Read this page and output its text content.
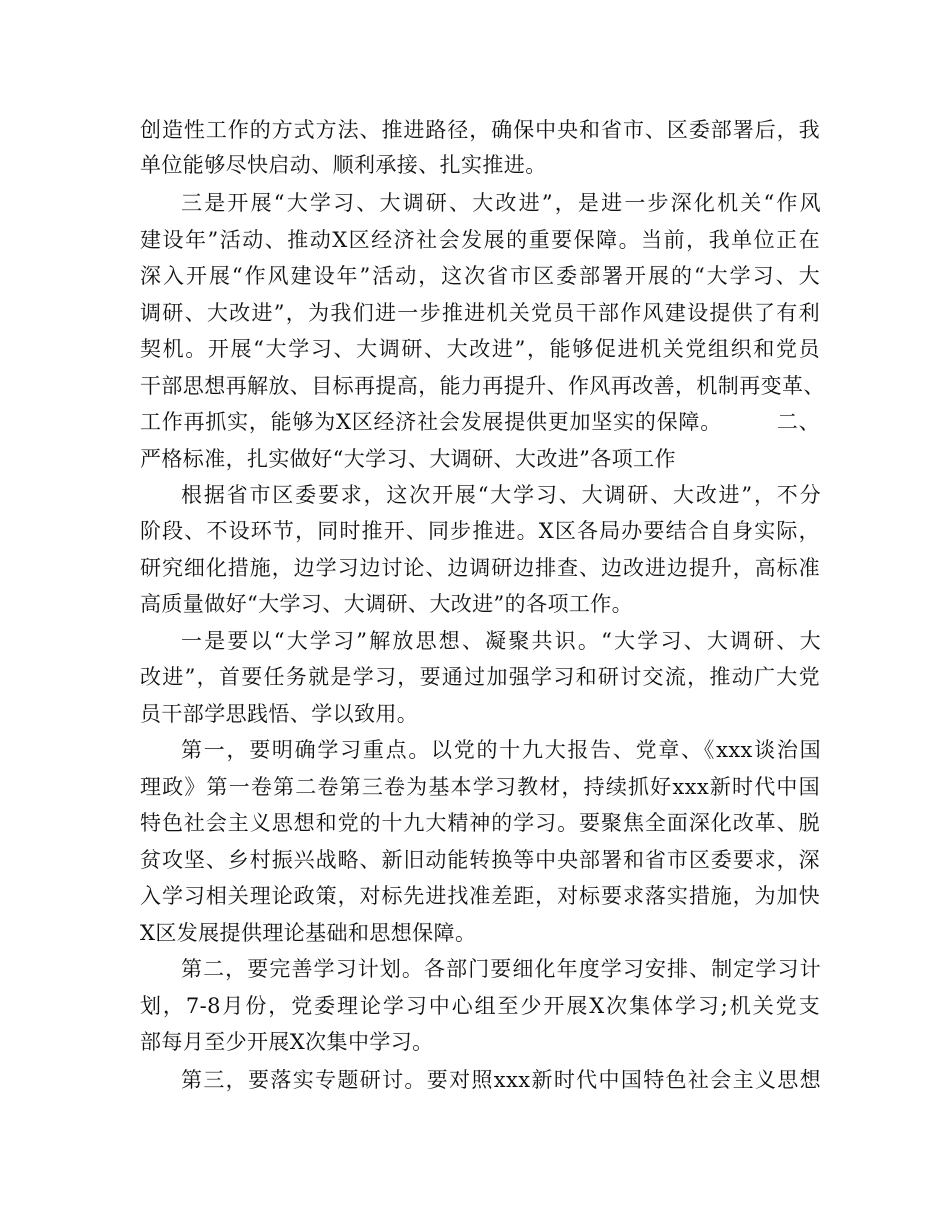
创造性工作的方式方法、推进路径，确保中央和省市、区委部署后，我
单位能够尽快启动、顺利承接、扎实推进。
三是开展“大学习、大调研、大改进”，是进一步深化机关“作风
建设年”活动、推动X区经济社会发展的重要保障。当前，我单位正在
深入开展“作风建设年”活动，这次省市区委部署开展的“大学习、大
调研、大改进”，为我们进一步推进机关党员干部作风建设提供了有利
契机。开展“大学习、大调研、大改进”，能够促进机关党组织和党员
干部思想再解放、目标再提高，能力再提升、作风再改善，机制再变革、
工作再抓实，能够为X区经济社会发展提供更加坚实的保障。　　　二、
严格标准，扎实做好“大学习、大调研、大改进”各项工作
根据省市区委要求，这次开展“大学习、大调研、大改进”，不分
阶段、不设环节，同时推开、同步推进。X区各局办要结合自身实际，
研究细化措施，边学习边讨论、边调研边排查、边改进边提升，高标准
高质量做好“大学习、大调研、大改进”的各项工作。
一是要以“大学习”解放思想、凝聚共识。“大学习、大调研、大
改进”，首要任务就是学习，要通过加强学习和研讨交流，推动广大党
员干部学思践悟、学以致用。
第一，要明确学习重点。以党的十九大报告、党章、《xxx谈治国
理政》第一卷第二卷第三卷为基本学习教材，持续抓好xxx新时代中国
特色社会主义思想和党的十九大精神的学习。要聚焦全面深化改革、脱
贫攻坚、乡村振兴战略、新旧动能转换等中央部署和省市区委要求，深
入学习相关理论政策，对标先进找准差距，对标要求落实措施，为加快
X区发展提供理论基础和思想保障。
第二，要完善学习计划。各部门要细化年度学习安排、制定学习计
划，7-8月份，党委理论学习中心组至少开展X次集体学习;机关党支
部每月至少开展X次集中学习。
第三，要落实专题研讨。要对照xxx新时代中国特色社会主义思想
